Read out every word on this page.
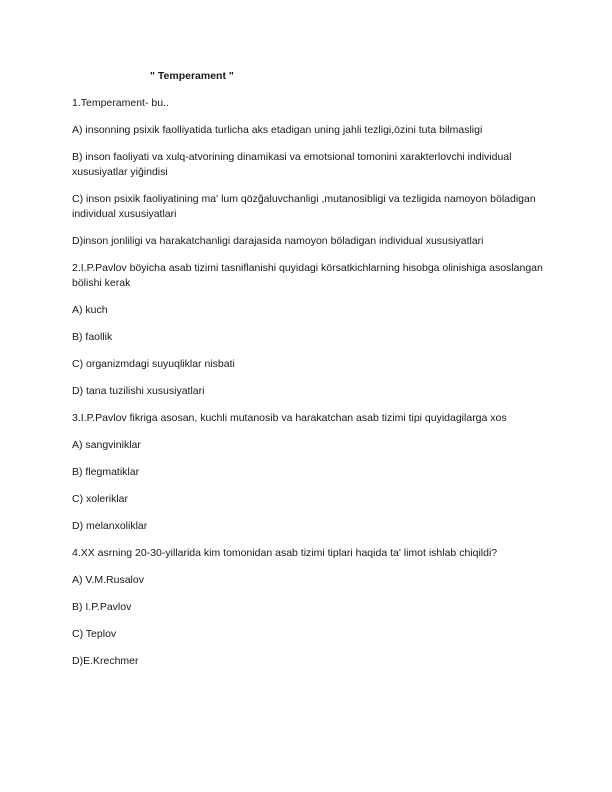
" Temperament "
1.Temperament- bu..
A) insonning psixik faolliyatida turlicha aks etadigan uning jahli tezligi,özini tuta bilmasligi
B) inson faoliyati va xulq-atvorining dinamikasi va emotsional tomonini xarakterlovchi individual xususiyatlar yiğindisi
C) inson psixik faoliyatining ma' lum qözğaluvchanligi ,mutanosibligi va tezligida namoyon böladigan individual xususiyatlari
D)inson jonliligi va harakatchanligi darajasida namoyon böladigan individual xususiyatlari
2.I.P.Pavlov böyicha asab tizimi tasniflanishi quyidagi körsatkichlarning hisobga olinishiga asoslangan bölishi kerak
A) kuch
B) faollik
C) organizmdagi suyuqliklar nisbati
D) tana tuzilishi xususiyatlari
3.I.P.Pavlov fikriga asosan, kuchli mutanosib va harakatchan asab tizimi tipi quyidagilarga xos
A) sangviniklar
B) flegmatiklar
C) xoleriklar
D) melanxoliklar
4.XX asrning 20-30-yillarida kim tomonidan asab tizimi tiplari haqida ta' limot ishlab chiqildi?
A) V.M.Rusalov
B) I.P.Pavlov
C) Teplov
D)E.Krechmer
